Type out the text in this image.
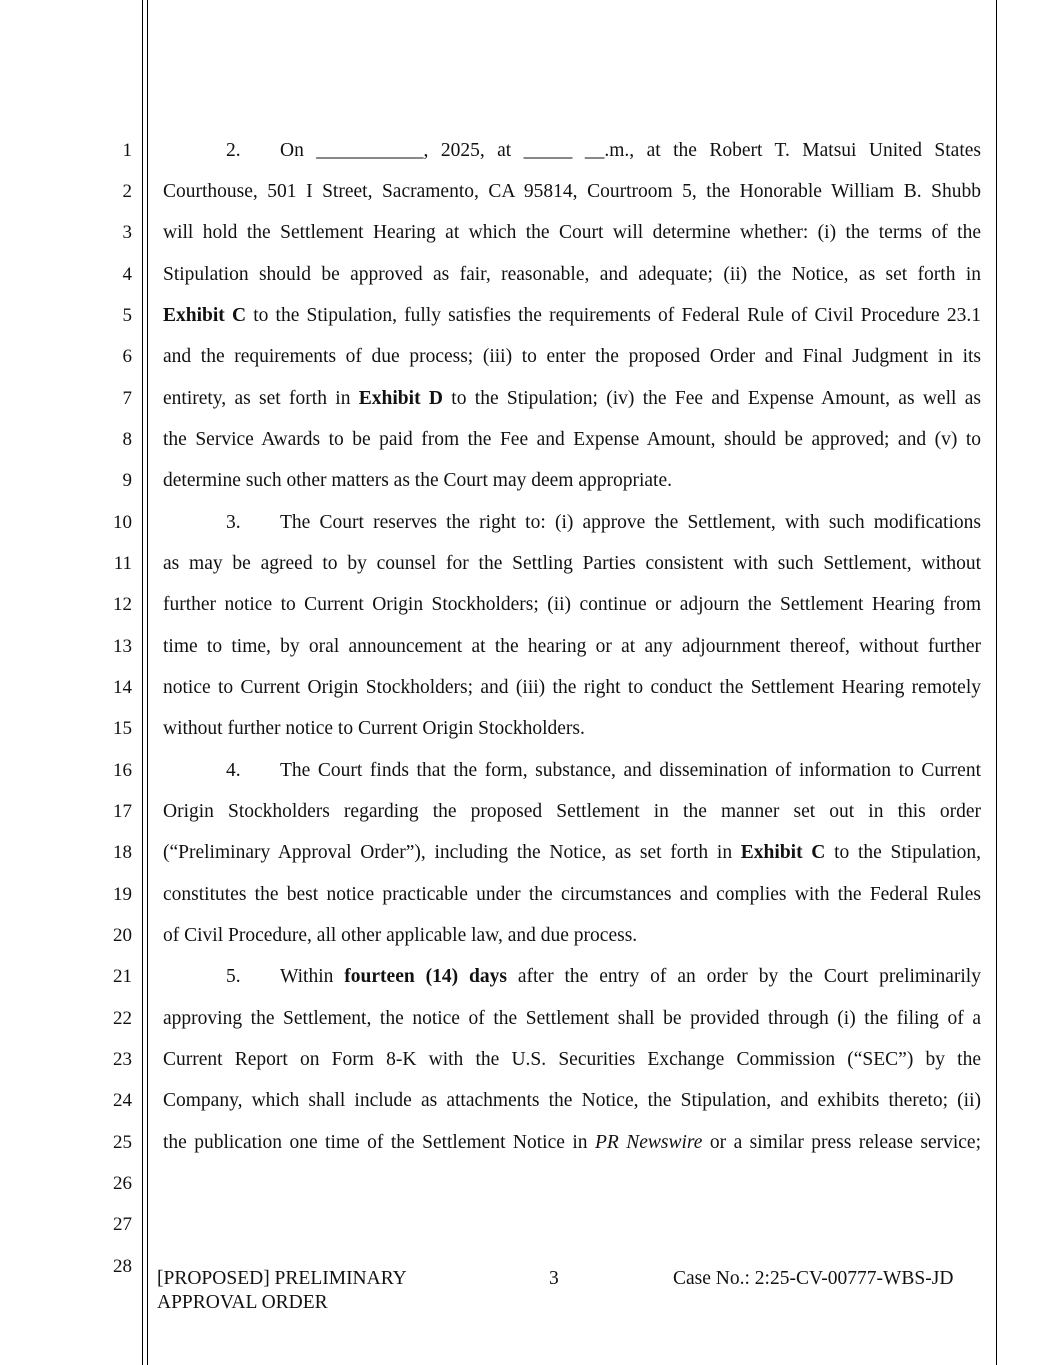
1
2
3
4
5
6
7
8
9
10
11
12
13
14
15
16
17
18
19
20
21
22
23
24
25
26
27
28
2. On ___________, 2025, at _____ __.m., at the Robert T. Matsui United States
Courthouse, 501 I Street, Sacramento, CA 95814, Courtroom 5, the Honorable William B. Shubb
will hold the Settlement Hearing at which the Court will determine whether: (i) the terms of the
Stipulation should be approved as fair, reasonable, and adequate; (ii) the Notice, as set forth in
Exhibit C to the Stipulation, fully satisfies the requirements of Federal Rule of Civil Procedure 23.1
and the requirements of due process; (iii) to enter the proposed Order and Final Judgment in its
entirety, as set forth in Exhibit D to the Stipulation; (iv) the Fee and Expense Amount, as well as
the Service Awards to be paid from the Fee and Expense Amount, should be approved; and (v) to
determine such other matters as the Court may deem appropriate.
3. The Court reserves the right to: (i) approve the Settlement, with such modifications
as may be agreed to by counsel for the Settling Parties consistent with such Settlement, without
further notice to Current Origin Stockholders; (ii) continue or adjourn the Settlement Hearing from
time to time, by oral announcement at the hearing or at any adjournment thereof, without further
notice to Current Origin Stockholders; and (iii) the right to conduct the Settlement Hearing remotely
without further notice to Current Origin Stockholders.
4. The Court finds that the form, substance, and dissemination of information to Current
Origin Stockholders regarding the proposed Settlement in the manner set out in this order
(“Preliminary Approval Order”), including the Notice, as set forth in Exhibit C to the Stipulation,
constitutes the best notice practicable under the circumstances and complies with the Federal Rules
of Civil Procedure, all other applicable law, and due process.
5. Within fourteen (14) days after the entry of an order by the Court preliminarily
approving the Settlement, the notice of the Settlement shall be provided through (i) the filing of a
Current Report on Form 8-K with the U.S. Securities Exchange Commission (“SEC”) by the
Company, which shall include as attachments the Notice, the Stipulation, and exhibits thereto; (ii)
the publication one time of the Settlement Notice in PR Newswire or a similar press release service;
[PROPOSED] PRELIMINARY
APPROVAL ORDER
3	Case No.: 2:25-CV-00777-WBS-JD
